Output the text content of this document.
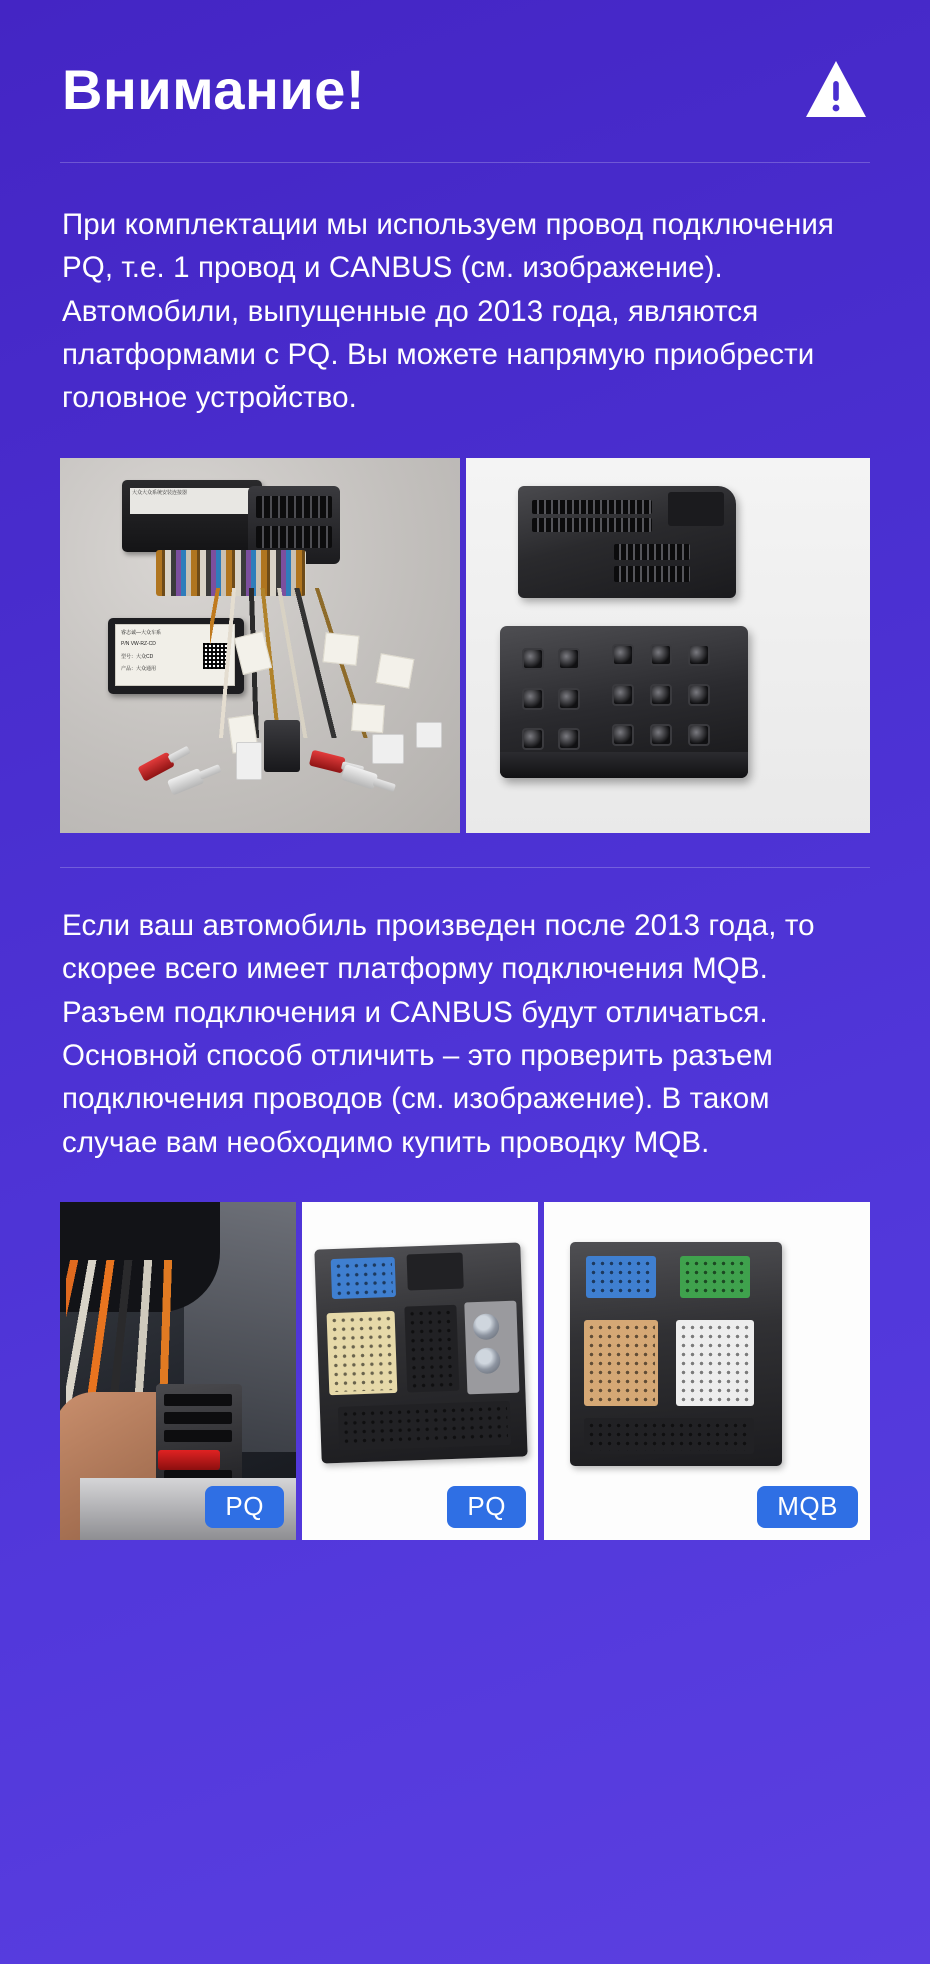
Внимание!

При комплектации мы используем провод подключения PQ, т.е. 1 провод и CANBUS (см. изображение). Автомобили, выпущенные до 2013 года, являются платформами с PQ. Вы можете напрямую приобрести головное устройство.

大众大众系统安装连接器
睿志诚—大众车系
P/N VW-RZ-CD
型号：大众CD
产品：大众通用

Если ваш автомобиль произведен после 2013 года, то скорее всего имеет платформу подключения MQB. Разъем подключения и CANBUS будут отличаться. Основной способ отличить – это проверить разъем подключения проводов (см. изображение). В таком случае вам необходимо купить проводку MQB.

PQ	PQ	MQB
